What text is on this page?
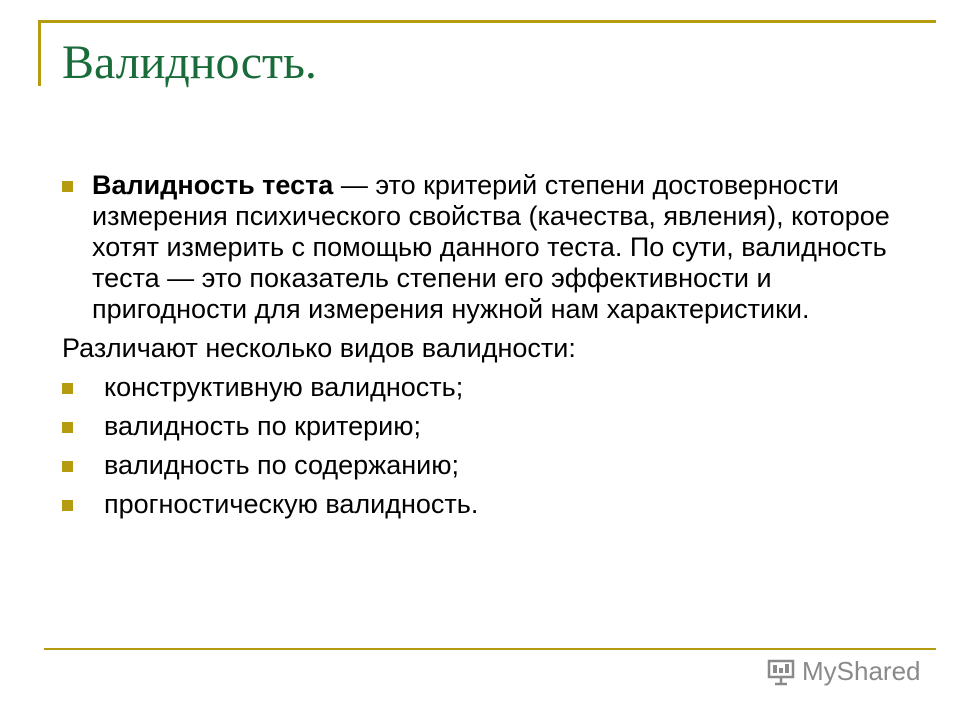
Валидность.
Валидность теста — это критерий степени достоверности измерения психического свойства (качества, явления), которое хотят измерить с помощью данного теста. По сути, валидность теста — это показатель степени его эффективности и пригодности для измерения нужной нам характеристики.
Различают несколько видов валидности:
конструктивную валидность;
валидность по критерию;
валидность по содержанию;
прогностическую валидность.
MyShared
